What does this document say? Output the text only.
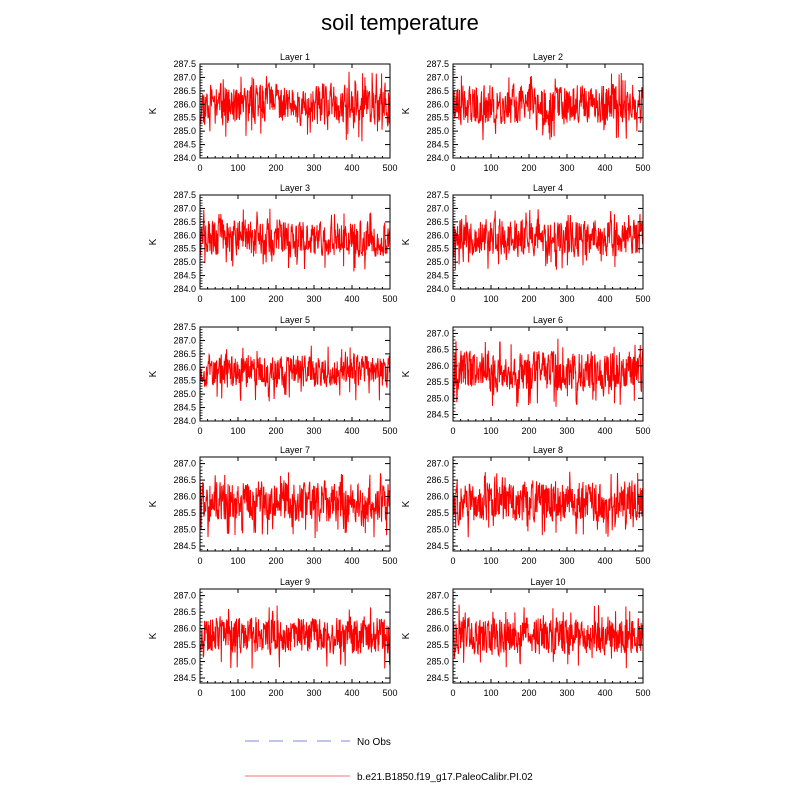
soil temperature
Layer 1
K
0	100	200	300	400	500
284.0
284.5
285.0
285.5
286.0
286.5
287.0
287.5
Layer 2
K
0	100	200	300	400	500
284.0
284.5
285.0
285.5
286.0
286.5
287.0
287.5
Layer 3
K
0	100	200	300	400	500
284.0
284.5
285.0
285.5
286.0
286.5
287.0
287.5
Layer 4
K
0	100	200	300	400	500
284.0
284.5
285.0
285.5
286.0
286.5
287.0
287.5
Layer 5
K
0	100	200	300	400	500
284.0
284.5
285.0
285.5
286.0
286.5
287.0
287.5
Layer 6
K
0	100	200	300	400	500
284.5
285.0
285.5
286.0
286.5
287.0
Layer 7
K
0	100	200	300	400	500
284.5
285.0
285.5
286.0
286.5
287.0
Layer 8
K
0	100	200	300	400	500
284.5
285.0
285.5
286.0
286.5
287.0
Layer 9
K
0	100	200	300	400	500
284.5
285.0
285.5
286.0
286.5
287.0
Layer 10
K
0	100	200	300	400	500
284.5
285.0
285.5
286.0
286.5
287.0
No Obs
b.e21.B1850.f19_g17.PaleoCalibr.PI.02
